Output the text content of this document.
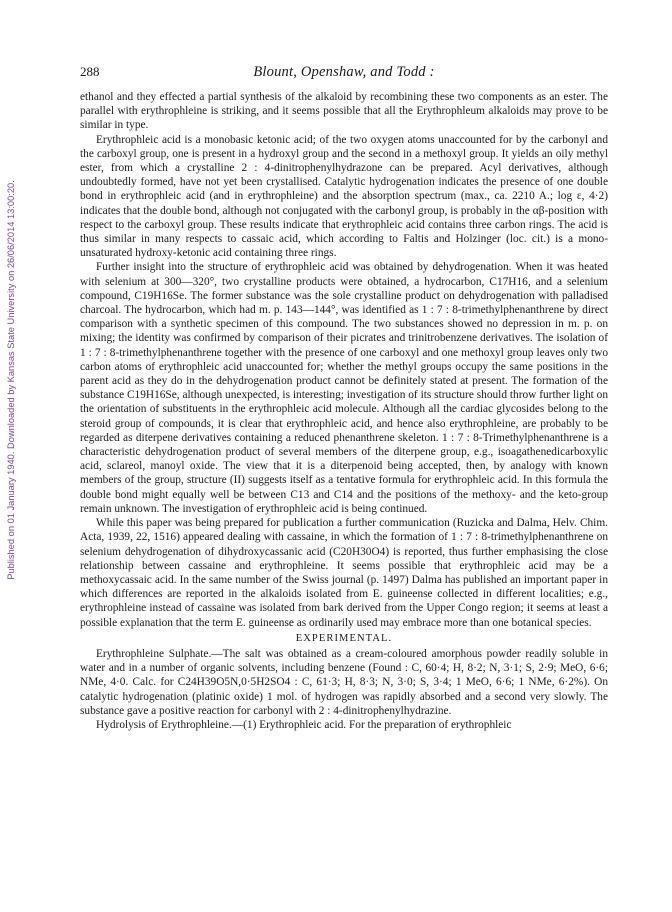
Published on 01 January 1940. Downloaded by Kansas State University on 26/06/2014 13:00:20.
288	Blount, Openshaw, and Todd :

ethanol and they effected a partial synthesis of the alkaloid by recombining these two components as an ester. The parallel with erythrophleine is striking, and it seems possible that all the Erythrophleum alkaloids may prove to be similar in type.

Erythrophleic acid is a monobasic ketonic acid; of the two oxygen atoms unaccounted for by the carbonyl and the carboxyl group, one is present in a hydroxyl group and the second in a methoxyl group. It yields an oily methyl ester, from which a crystalline 2 : 4-dinitrophenylhydrazone can be prepared. Acyl derivatives, although undoubtedly formed, have not yet been crystallised. Catalytic hydrogenation indicates the presence of one double bond in erythrophleic acid (and in erythrophleine) and the absorption spectrum (max., ca. 2210 A.; log ε, 4·2) indicates that the double bond, although not conjugated with the carbonyl group, is probably in the αβ-position with respect to the carboxyl group. These results indicate that erythrophleic acid contains three carbon rings. The acid is thus similar in many respects to cassaic acid, which according to Faltis and Holzinger (loc. cit.) is a mono-unsaturated hydroxy-ketonic acid containing three rings.

Further insight into the structure of erythrophleic acid was obtained by dehydrogenation. When it was heated with selenium at 300—320°, two crystalline products were obtained, a hydrocarbon, C17H16, and a selenium compound, C19H16Se. The former substance was the sole crystalline product on dehydrogenation with palladised charcoal. The hydrocarbon, which had m. p. 143—144°, was identified as 1 : 7 : 8-trimethylphenanthrene by direct comparison with a synthetic specimen of this compound. The two substances showed no depression in m. p. on mixing; the identity was confirmed by comparison of their picrates and trinitrobenzene derivatives. The isolation of 1 : 7 : 8-trimethylphenanthrene together with the presence of one carboxyl and one methoxyl group leaves only two carbon atoms of erythrophleic acid unaccounted for; whether the methyl groups occupy the same positions in the parent acid as they do in the dehydrogenation product cannot be definitely stated at present. The formation of the substance C19H16Se, although unexpected, is interesting; investigation of its structure should throw further light on the orientation of substituents in the erythrophleic acid molecule. Although all the cardiac glycosides belong to the steroid group of compounds, it is clear that erythrophleic acid, and hence also erythrophleine, are probably to be regarded as diterpene derivatives containing a reduced phenanthrene skeleton. 1 : 7 : 8-Trimethylphenanthrene is a characteristic dehydrogenation product of several members of the diterpene group, e.g., isoagathenedicarboxylic acid, sclareol, manoyl oxide. The view that it is a diterpenoid being accepted, then, by analogy with known members of the group, structure (II) suggests itself as a tentative formula for erythrophleic acid. In this formula the double bond might equally well be between C13 and C14 and the positions of the methoxy- and the keto-group remain unknown. The investigation of erythrophleic acid is being continued.

While this paper was being prepared for publication a further communication (Ruzicka and Dalma, Helv. Chim. Acta, 1939, 22, 1516) appeared dealing with cassaine, in which the formation of 1 : 7 : 8-trimethylphenanthrene on selenium dehydrogenation of dihydroxycassanic acid (C20H30O4) is reported, thus further emphasising the close relationship between cassaine and erythrophleine. It seems possible that erythrophleic acid may be a methoxycassaic acid. In the same number of the Swiss journal (p. 1497) Dalma has published an important paper in which differences are reported in the alkaloids isolated from E. guineense collected in different localities; e.g., erythrophleine instead of cassaine was isolated from bark derived from the Upper Congo region; it seems at least a possible explanation that the term E. guineense as ordinarily used may embrace more than one botanical species.

EXPERIMENTAL.

Erythrophleine Sulphate.—The salt was obtained as a cream-coloured amorphous powder readily soluble in water and in a number of organic solvents, including benzene (Found : C, 60·4; H, 8·2; N, 3·1; S, 2·9; MeO, 6·6; NMe, 4·0. Calc. for C24H39O5N,0·5H2SO4 : C, 61·3; H, 8·3; N, 3·0; S, 3·4; 1 MeO, 6·6; 1 NMe, 6·2%). On catalytic hydrogenation (platinic oxide) 1 mol. of hydrogen was rapidly absorbed and a second very slowly. The substance gave a positive reaction for carbonyl with 2 : 4-dinitrophenylhydrazine.

Hydrolysis of Erythrophleine.—(1) Erythrophleic acid. For the preparation of erythrophleic
